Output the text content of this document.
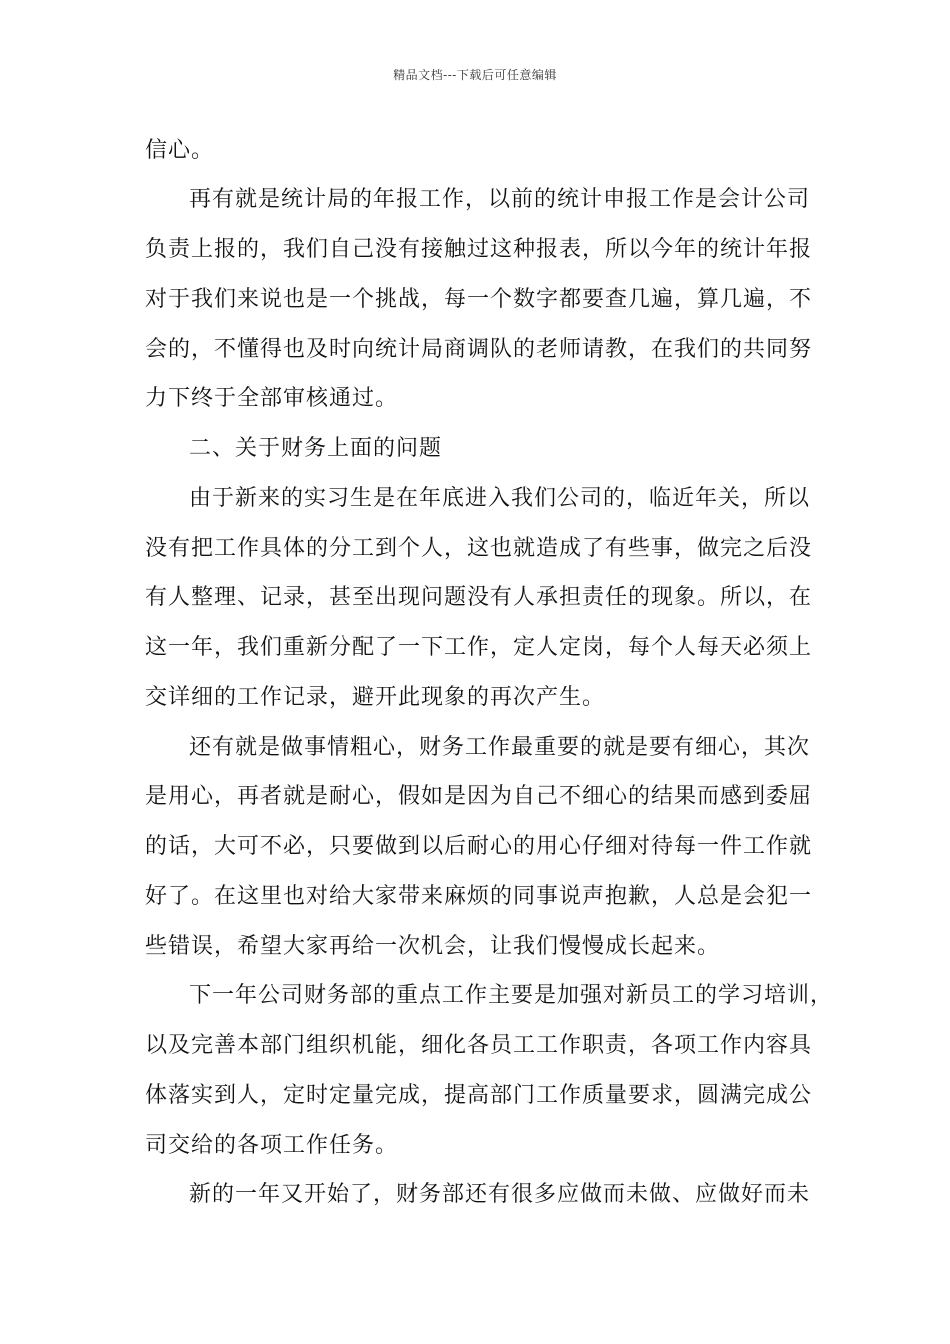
精品文档---下载后可任意编辑
信心。
再有就是统计局的年报工作，以前的统计申报工作是会计公司
负责上报的，我们自己没有接触过这种报表，所以今年的统计年报
对于我们来说也是一个挑战，每一个数字都要查几遍，算几遍，不
会的，不懂得也及时向统计局商调队的老师请教，在我们的共同努
力下终于全部审核通过。
二、关于财务上面的问题
由于新来的实习生是在年底进入我们公司的，临近年关，所以
没有把工作具体的分工到个人，这也就造成了有些事，做完之后没
有人整理、记录，甚至出现问题没有人承担责任的现象。所以，在
这一年，我们重新分配了一下工作，定人定岗，每个人每天必须上
交详细的工作记录，避开此现象的再次产生。
还有就是做事情粗心，财务工作最重要的就是要有细心，其次
是用心，再者就是耐心，假如是因为自己不细心的结果而感到委屈
的话，大可不必，只要做到以后耐心的用心仔细对待每一件工作就
好了。在这里也对给大家带来麻烦的同事说声抱歉，人总是会犯一
些错误，希望大家再给一次机会，让我们慢慢成长起来。
下一年公司财务部的重点工作主要是加强对新员工的学习培训，
以及完善本部门组织机能，细化各员工工作职责，各项工作内容具
体落实到人，定时定量完成，提高部门工作质量要求，圆满完成公
司交给的各项工作任务。
新的一年又开始了，财务部还有很多应做而未做、应做好而未
